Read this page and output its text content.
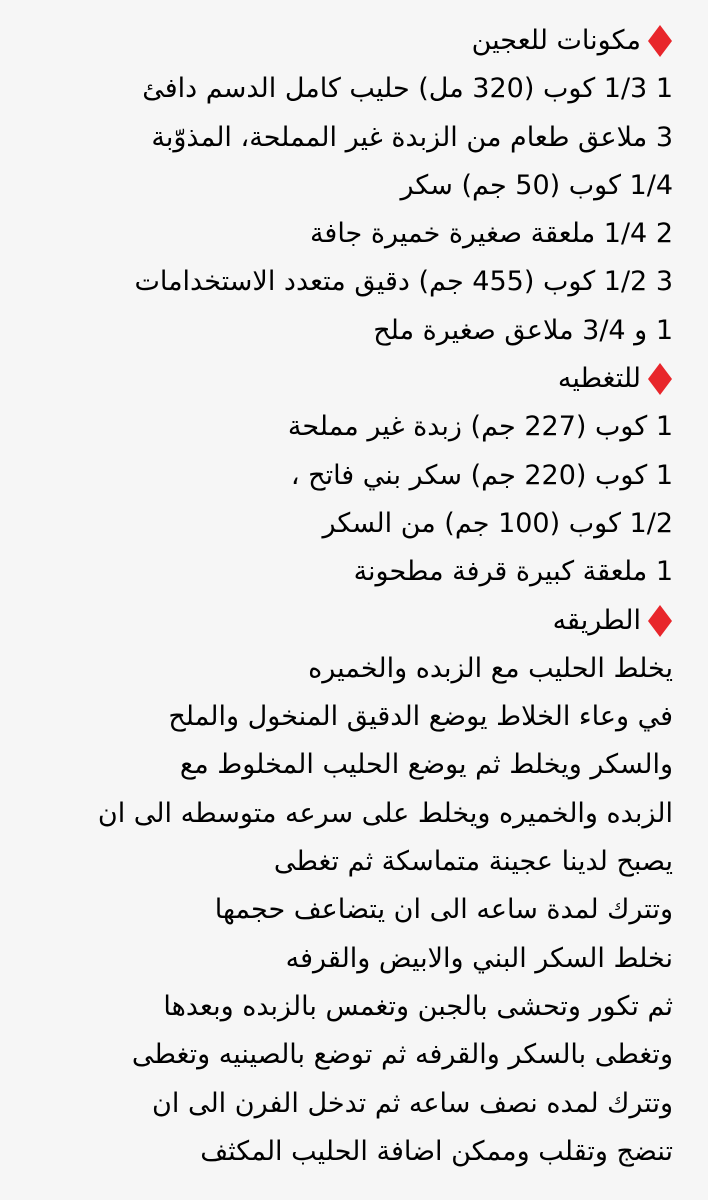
مكونات للعجين
1 1/3 كوب (320 مل) حليب كامل الدسم دافئ
3 ملاعق طعام من الزبدة غير المملحة، المذوّبة
1/4 كوب (50 جم) سكر
2 1/4 ملعقة صغيرة خميرة جافة
3 1/2 كوب (455 جم) دقيق متعدد الاستخدامات
1 و 3/4 ملاعق صغيرة ملح
للتغطيه
1 كوب (227 جم) زبدة غير مملحة
1 كوب (220 جم) سكر بني فاتح ،
1/2 كوب (100 جم) من السكر
1 ملعقة كبيرة قرفة مطحونة
الطريقه
يخلط الحليب مع الزبده والخميره
في وعاء الخلاط يوضع الدقيق المنخول والملح
والسكر ويخلط ثم يوضع الحليب المخلوط مع
الزبده والخميره ويخلط على سرعه متوسطه الى ان
يصبح لدينا عجينة متماسكة ثم تغطى
وتترك لمدة ساعه الى ان يتضاعف حجمها
نخلط السكر البني والابيض والقرفه
ثم تكور وتحشى بالجبن وتغمس بالزبده وبعدها
وتغطى بالسكر والقرفه ثم توضع بالصينيه وتغطى
وتترك لمده نصف ساعه ثم تدخل الفرن الى ان
تنضج وتقلب وممكن اضافة الحليب المكثف
